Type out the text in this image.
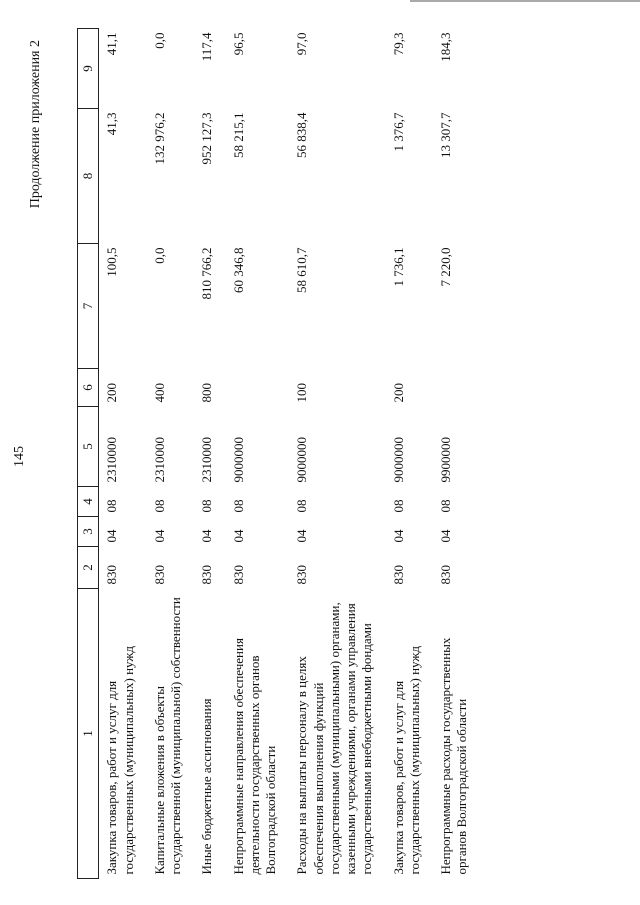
145
Продолжение приложения 2
1	2	3	4	5	6	7	8	9
Закупка товаров, работ и услуг для государственных (муниципальных) нужд	830	04	08	2310000	200	100,5	41,3	41,1
Капитальные вложения в объекты государственной (муниципальной) собственности	830	04	08	2310000	400	0,0	132 976,2	0,0
Иные бюджетные ассигнования	830	04	08	2310000	800	810 766,2	952 127,3	117,4
Непрограммные направления обеспечения деятельности государственных органов Волгоградской области	830	04	08	9000000		60 346,8	58 215,1	96,5
Расходы на выплаты персоналу в целях обеспечения выполнения функций государственными (муниципальными) органами, казенными учреждениями, органами управления государственными внебюджетными фондами	830	04	08	9000000	100	58 610,7	56 838,4	97,0
Закупка товаров, работ и услуг для государственных (муниципальных) нужд	830	04	08	9000000	200	1 736,1	1 376,7	79,3
Непрограммные расходы государственных органов Волгоградской области	830	04	08	9900000		7 220,0	13 307,7	184,3
